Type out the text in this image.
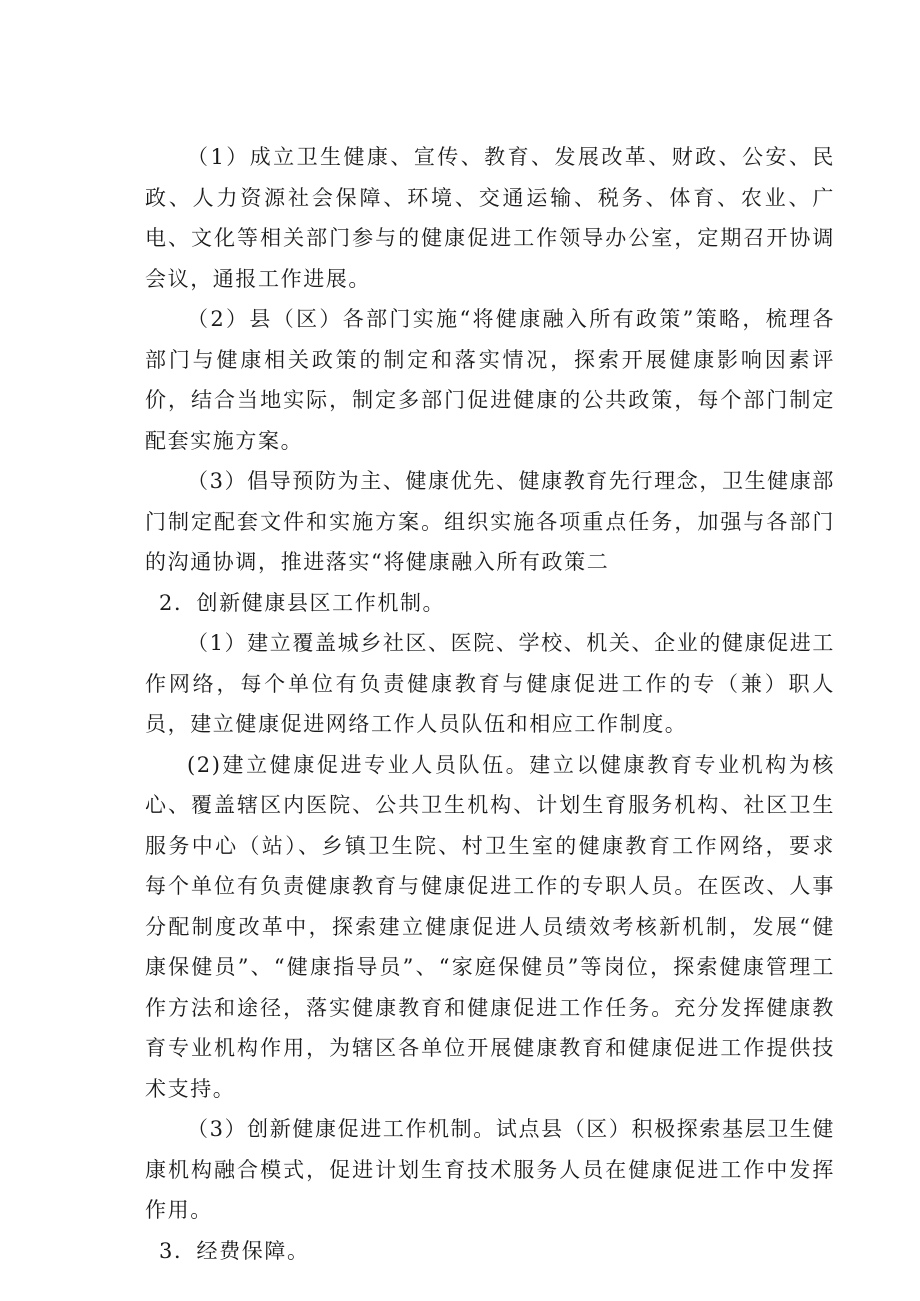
（1）成立卫生健康、宣传、教育、发展改革、财政、公安、民政、人力资源社会保障、环境、交通运输、税务、体育、农业、广电、文化等相关部门参与的健康促进工作领导办公室，定期召开协调会议，通报工作进展。

（2）县（区）各部门实施“将健康融入所有政策”策略，梳理各部门与健康相关政策的制定和落实情况，探索开展健康影响因素评价，结合当地实际，制定多部门促进健康的公共政策，每个部门制定配套实施方案。

（3）倡导预防为主、健康优先、健康教育先行理念，卫生健康部门制定配套文件和实施方案。组织实施各项重点任务，加强与各部门的沟通协调，推进落实“将健康融入所有政策二

2．创新健康县区工作机制。

（1）建立覆盖城乡社区、医院、学校、机关、企业的健康促进工作网络，每个单位有负责健康教育与健康促进工作的专（兼）职人员，建立健康促进网络工作人员队伍和相应工作制度。

(2)建立健康促进专业人员队伍。建立以健康教育专业机构为核心、覆盖辖区内医院、公共卫生机构、计划生育服务机构、社区卫生服务中心（站）、乡镇卫生院、村卫生室的健康教育工作网络，要求每个单位有负责健康教育与健康促进工作的专职人员。在医改、人事分配制度改革中，探索建立健康促进人员绩效考核新机制，发展“健康保健员”、“健康指导员”、“家庭保健员”等岗位，探索健康管理工作方法和途径，落实健康教育和健康促进工作任务。充分发挥健康教育专业机构作用，为辖区各单位开展健康教育和健康促进工作提供技术支持。

（3）创新健康促进工作机制。试点县（区）积极探索基层卫生健康机构融合模式，促进计划生育技术服务人员在健康促进工作中发挥作用。

3．经费保障。
